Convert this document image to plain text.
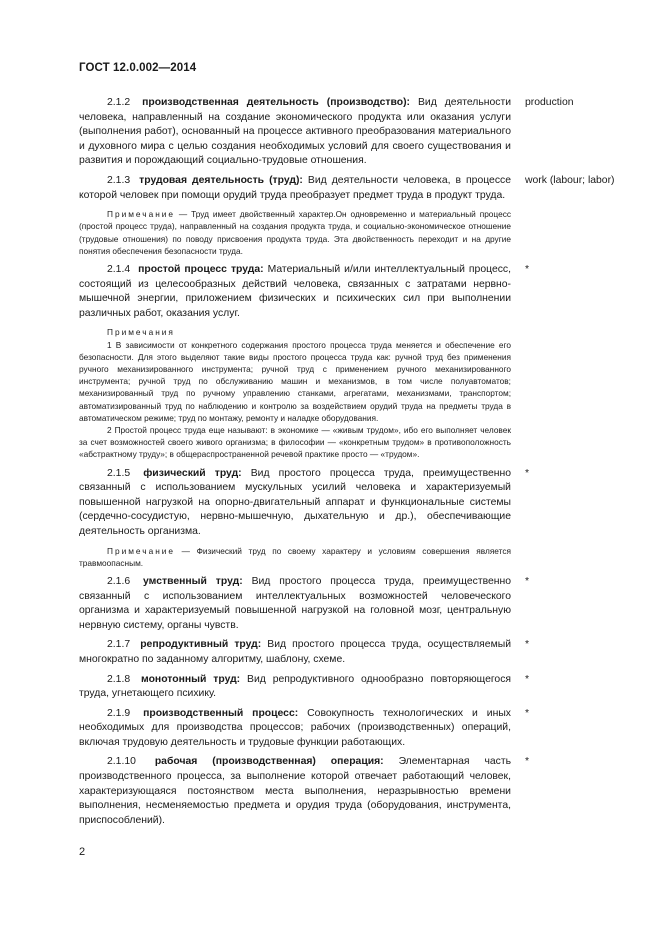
ГОСТ 12.0.002—2014
2.1.2 производственная деятельность (производство): Вид деятельности человека, направленный на создание экономического продукта или оказания услуги (выполнения работ), основанный на процессе активного преобразования материального и духовного мира с целью создания необходимых условий для своего существования и развития и порождающий социально-трудовые отношения.
production
2.1.3 трудовая деятельность (труд): Вид деятельности человека, в процессе которой человек при помощи орудий труда преобразует предмет труда в продукт труда.
work (labour; labor)

Примечание — Труд имеет двойственный характер.Он одновременно и материальный процесс (простой процесс труда), направленный на создания продукта труда, и социально-экономическое отношение (трудовые отношения) по поводу присвоения продукта труда. Эта двойственность переходит и на другие понятия обеспечения безопасности труда.

2.1.4 простой процесс труда: Материальный и/или интеллектуальный процесс, состоящий из целесообразных действий человека, связанных с затратами нервно-мышечной энергии, приложением физических и психических сил при выполнении различных работ, оказания услуг.
*

Примечания

1 В зависимости от конкретного содержания простого процесса труда меняется и обеспечение его безопасности. Для этого выделяют такие виды простого процесса труда как: ручной труд без применения ручного механизированного инструмента; ручной труд с применением ручного механизированного инструмента; ручной труд по обслуживанию машин и механизмов, в том числе полуавтоматов; механизированный труд по ручному управлению станками, агрегатами, механизмами, транспортом; автоматизированный труд по наблюдению и контролю за воздействием орудий труда на предметы труда в автоматическом режиме; труд по монтажу, ремонту и наладке оборудования.

2 Простой процесс труда еще называют: в экономике — «живым трудом», ибо его выполняет человек за счет возможностей своего живого организма; в философии — «конкретным трудом» в противоположность «абстрактному труду»; в общераспространенной речевой практике просто — «трудом».

2.1.5 физический труд: Вид простого процесса труда, преимущественно связанный с использованием мускульных усилий человека и характеризуемый повышенной нагрузкой на опорно-двигательный аппарат и функциональные системы (сердечно-сосудистую, нервно-мышечную, дыхательную и др.), обеспечивающие деятельность организма.
*

Примечание — Физический труд по своему характеру и условиям совершения является травмоопасным.

2.1.6 умственный труд: Вид простого процесса труда, преимущественно связанный с использованием интеллектуальных возможностей человеческого организма и характеризуемый повышенной нагрузкой на головной мозг, центральную нервную систему, органы чувств.
*
2.1.7 репродуктивный труд: Вид простого процесса труда, осуществляемый многократно по заданному алгоритму, шаблону, схеме.
*
2.1.8 монотонный труд: Вид репродуктивного однообразно повторяющегося труда, угнетающего психику.
*
2.1.9 производственный процесс: Совокупность технологических и иных необходимых для производства процессов; рабочих (производственных) операций, включая трудовую деятельность и трудовые функции работающих.
*
2.1.10 рабочая (производственная) операция: Элементарная часть производственного процесса, за выполнение которой отвечает работающий человек, характеризующаяся постоянством места выполнения, неразрывностью времени выполнения, несменяемостью предмета и орудия труда (оборудования, инструмента, приспособлений).
*
2
